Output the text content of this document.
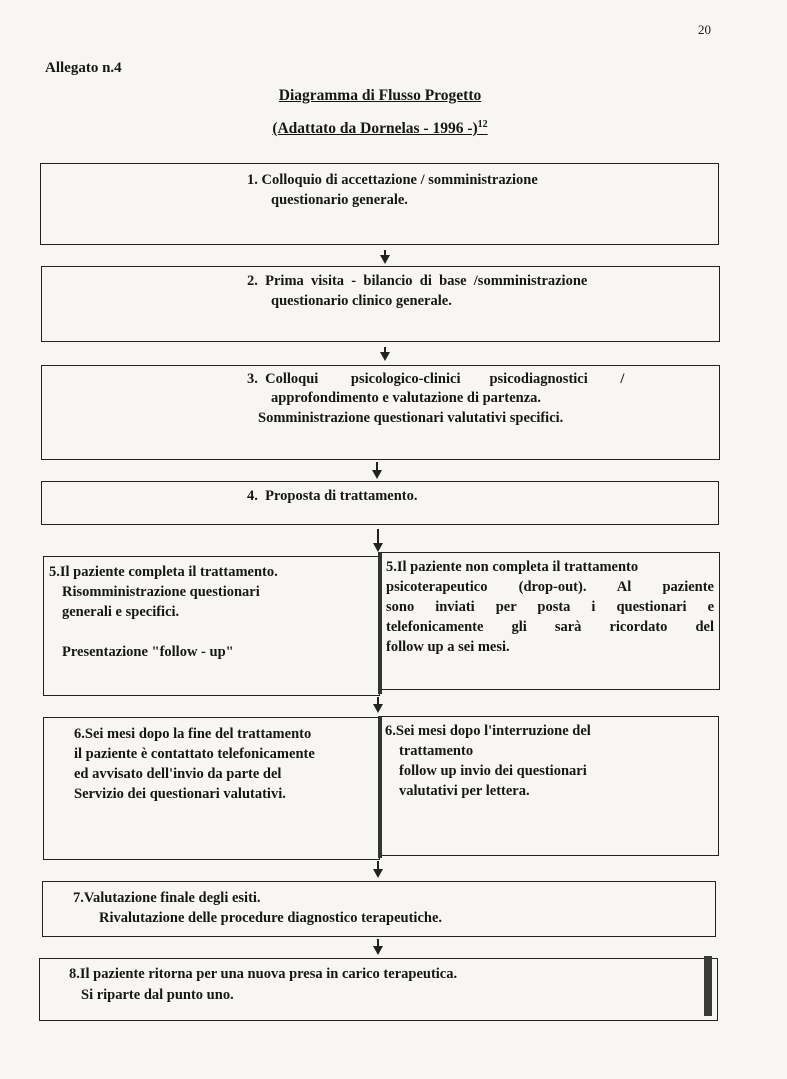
20
Allegato n.4
Diagramma di Flusso Progetto
(Adattato da Dornelas - 1996 -)$^{12}$

1. Colloquio di accettazione / somministrazione

questionario generale.

2.  Prima  visita  -  bilancio  di  base  /somministrazione

questionario clinico generale.

3.  Colloqui         psicologico-clinici        psicodiagnostici         /

approfondimento e valutazione di partenza.

Somministrazione questionari valutativi specifici.

4.  Proposta di trattamento.

5.Il paziente completa il trattamento.

Risomministrazione questionari

generali e specifici.

Presentazione "follow - up"

5.Il paziente non completa il trattamento

psicoterapeutico (drop-out). Al paziente

sono inviati per posta i questionari e

telefonicamente gli sarà ricordato del

follow up a sei mesi.

6.Sei mesi dopo la fine del trattamento

il paziente è contattato telefonicamente

ed avvisato dell'invio da parte del

Servizio dei questionari valutativi.

6.Sei mesi dopo l'interruzione del

trattamento

follow up invio dei questionari

valutativi per lettera.

7.Valutazione finale degli esiti.

Rivalutazione delle procedure diagnostico terapeutiche.

8.Il paziente ritorna per una nuova presa in carico terapeutica.

Si riparte dal punto uno.
